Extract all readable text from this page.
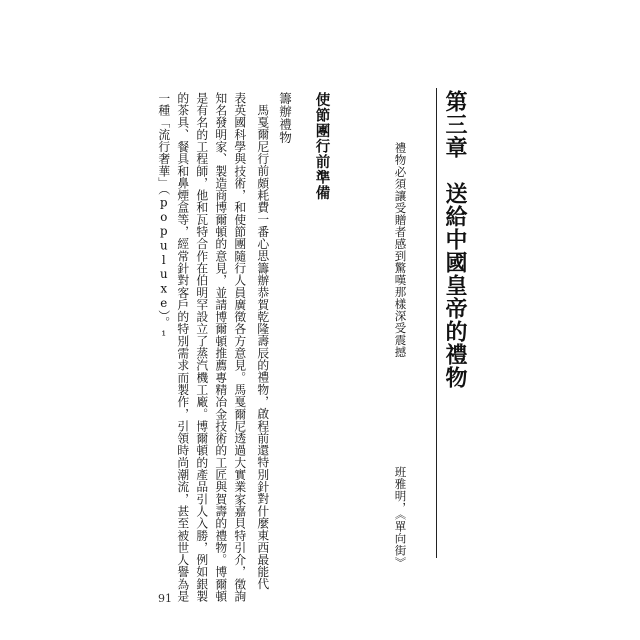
第三章　送給中國皇帝的禮物
禮物必須讓受贈者感到驚嘆那樣深受震撼
班雅明，《單向街》
使節團行前準備
籌辦禮物
馬戛爾尼行前頗耗費一番心思籌辦恭賀乾隆壽辰的禮物，啟程前還特別針對什麼東西最能代
表英國科學與技術，和使節團隨行人員廣徵各方意見。馬戛爾尼透過大實業家嘉貝特引介，徵詢
知名發明家、製造商博爾頓的意見，並請博爾頓推薦專精冶金技術的工匠與賀壽的禮物。博爾頓
是有名的工程師，他和瓦特合作在伯明罕設立了蒸汽機工廠。博爾頓的產品引人入勝，例如銀製
的茶具、餐具和鼻煙盒等，經常針對客戶的特別需求而製作，引領時尚潮流，甚至被世人譽為是
一種「流行奢華」（populuxe）。¹
91
